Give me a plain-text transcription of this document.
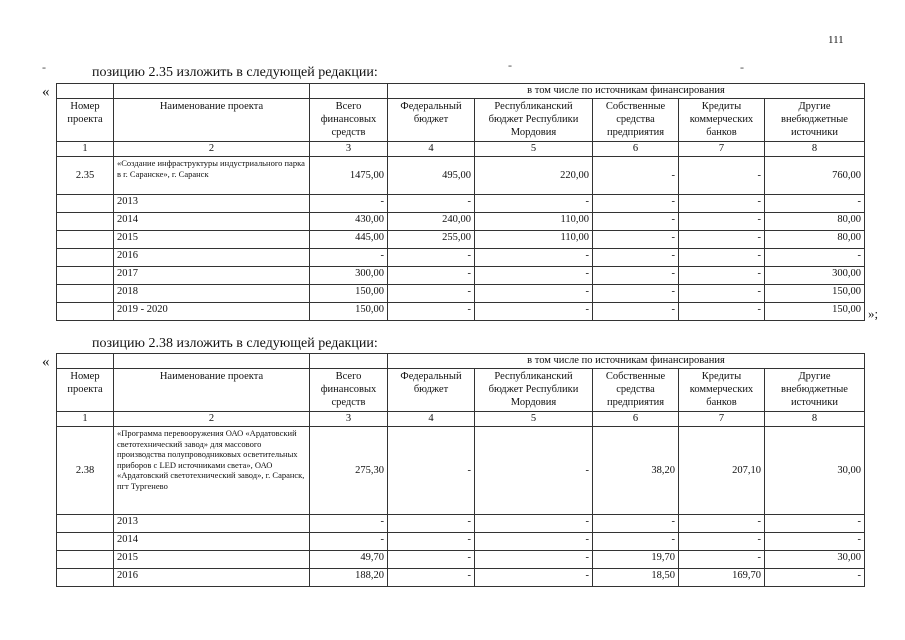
111
-	-	-
позицию 2.35 изложить в следующей редакции:
«
				в том числе по источникам финансирования				
Номер проекта	Наименование проекта	Всего финансовых средств	Федеральный бюджет	Республиканский бюджет Республики Мордовия	Собственные средства предприятия	Кредиты коммерческих банков	Другие внебюджетные источники
1	2	3	4	5	6	7	8
2.35	«Создание инфраструктуры индустриального парка в г. Саранске», г. Саранск	1475,00	495,00	220,00	-	-	760,00
	2013	-	-	-	-	-	-
	2014	430,00	240,00	110,00	-	-	80,00
	2015	445,00	255,00	110,00	-	-	80,00
	2016	-	-	-	-	-	-
	2017	300,00	-	-	-	-	300,00
	2018	150,00	-	-	-	-	150,00
	2019 - 2020	150,00	-	-	-	-	150,00 »;
позицию 2.38 изложить в следующей редакции:
«
				в том числе по источникам финансирования				
Номер проекта	Наименование проекта	Всего финансовых средств	Федеральный бюджет	Республиканский бюджет Республики Мордовия	Собственные средства предприятия	Кредиты коммерческих банков	Другие внебюджетные источники
1	2	3	4	5	6	7	8
2.38	«Программа перевооружения ОАО «Ардатовский светотехнический завод» для массового производства полупроводниковых осветительных приборов с LED источниками света», ОАО «Ардатовский светотехнический завод», г. Саранск, пгт Тургенево	275,30	-	-	38,20	207,10	30,00
	2013	-	-	-	-	-	-
	2014	-	-	-	-	-	-
	2015	49,70	-	-	19,70	-	30,00
	2016	188,20	-	-	18,50	169,70	-
